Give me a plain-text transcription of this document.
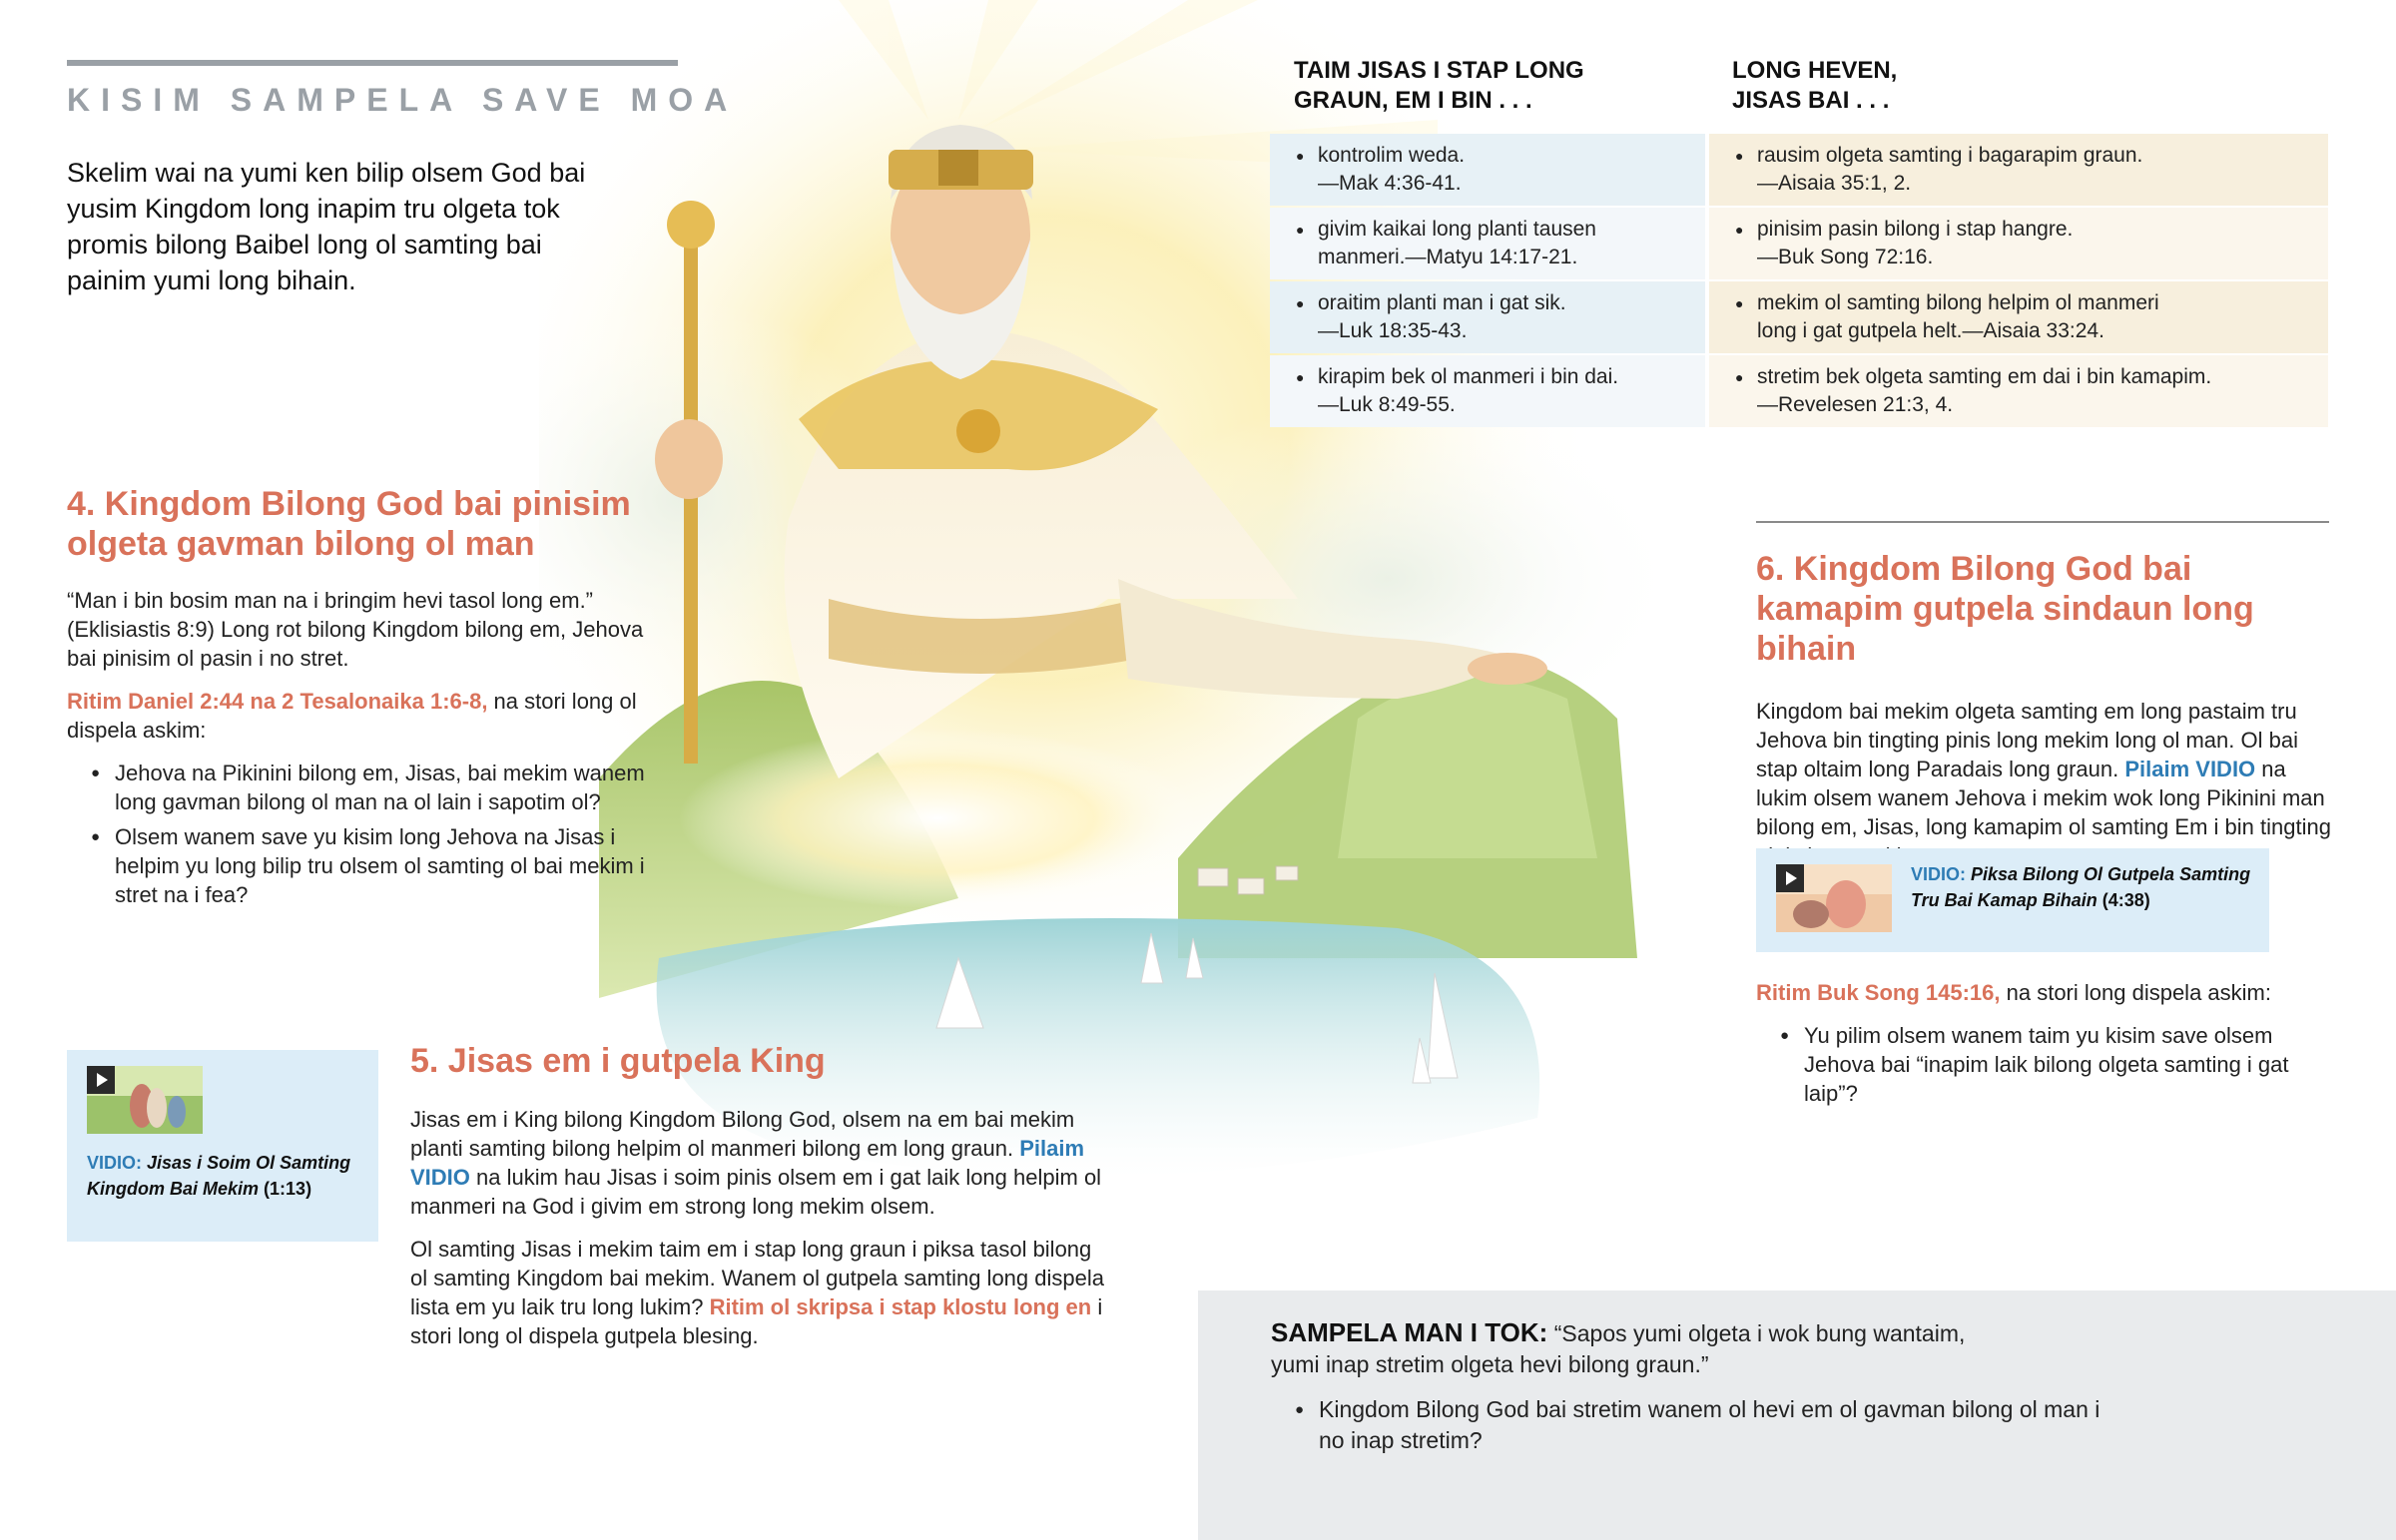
KISIM SAMPELA SAVE MOA
Skelim wai na yumi ken bilip olsem God bai yusim Kingdom long inapim tru olgeta tok promis bilong Baibel long ol samting bai painim yumi long bihain.
4. Kingdom Bilong God bai pinisim olgeta gavman bilong ol man

“Man i bin bosim man na i bringim hevi tasol long em.” (Eklisiastis 8:9) Long rot bilong Kingdom bilong em, Jehova bai pinisim ol pasin i no stret.

Ritim Daniel 2:44 na 2 Tesalonaika 1:6-8, na stori long ol dispela askim:

● Jehova na Pikinini bilong em, Jisas, bai mekim wanem long gavman bilong ol man na ol lain i sapotim ol?
● Olsem wanem save yu kisim long Jehova na Jisas i helpim yu long bilip tru olsem ol samting ol bai mekim i stret na i fea?
VIDIO: Jisas i Soim Ol Samting Kingdom Bai Mekim (1:13)
5. Jisas em i gutpela King

Jisas em i King bilong Kingdom Bilong God, olsem na em bai mekim planti samting bilong helpim ol manmeri bilong em long graun. Pilaim VIDIO na lukim hau Jisas i soim pinis olsem em i gat laik long helpim ol manmeri na God i givim em strong long mekim olsem.

Ol samting Jisas i mekim taim em i stap long graun i piksa tasol bilong ol samting Kingdom bai mekim. Wanem ol gutpela samting long dispela lista em yu laik tru long lukim? Ritim ol skripsa i stap klostu long en i stori long ol dispela gutpela blesing.

TAIM JISAS I STAP LONG
GRAUN, EM I BIN . . .
LONG HEVEN,
JISAS BAI . . .
● kontrolim weda.
—Mak 4:36-41.
● givim kaikai long planti tausen
manmeri.—Matyu 14:17-21.
● oraitim planti man i gat sik.
—Luk 18:35-43.
● kirapim bek ol manmeri i bin dai.
—Luk 8:49-55.
● rausim olgeta samting i bagarapim graun.
—Aisaia 35:1, 2.
● pinisim pasin bilong i stap hangre.
—Buk Song 72:16.
● mekim ol samting bilong helpim ol manmeri
long i gat gutpela helt.—Aisaia 33:24.
● stretim bek olgeta samting em dai i bin kamapim.
—Revelesen 21:3, 4.
6. Kingdom Bilong God bai kamapim gutpela sindaun long bihain

Kingdom bai mekim olgeta samting em long pastaim tru Jehova bin tingting pinis long mekim long ol man. Ol bai stap oltaim long Paradais long graun. Pilaim VIDIO na lukim olsem wanem Jehova i mekim wok long Pikinini man bilong em, Jisas, long kamapim ol samting Em i bin tingting

VIDIO: Piksa Bilong Ol Gutpela Samting Tru Bai Kamap Bihain (4:38)

Ritim Buk Song 145:16, na stori long dispela askim:

● Yu pilim olsem wanem taim yu kisim save olsem Jehova bai “inapim laik bilong olgeta samting i gat laip”?

SAMPELA MAN I TOK: “Sapos yumi olgeta i wok bung wantaim, yumi inap stretim olgeta hevi bilong graun.”

● Kingdom Bilong God bai stretim wanem ol hevi em ol gavman bilong ol man i no inap stretim?
